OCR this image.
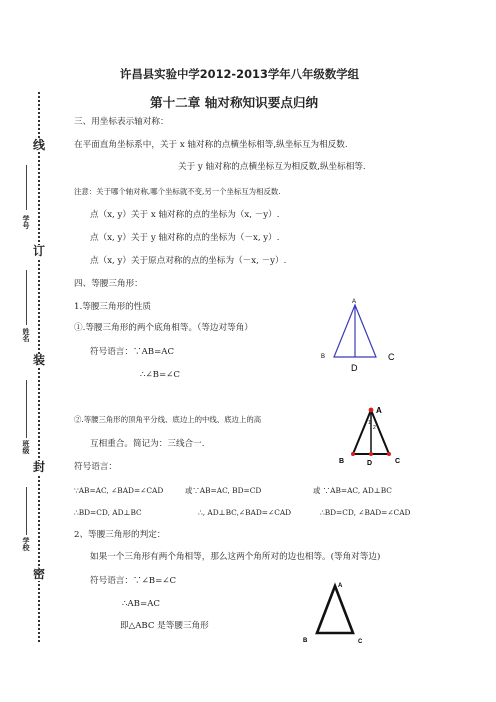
线
订
装
封
密
学号
姓名
班级
学校
许昌县实验中学2012-2013学年八年级数学组
第十二章 轴对称知识要点归纳
三、用坐标表示轴对称：
在平面直角坐标系中，关于 x 轴对称的点横坐标相等,纵坐标互为相反数.
关于 y 轴对称的点横坐标互为相反数,纵坐标相等.
注意：关于哪个轴对称,哪个坐标就不变,另一个坐标互为相反数.
点（x, y）关于 x 轴对称的点的坐标为（x, －y）.
点（x, y）关于 y 轴对称的点的坐标为（－x, y）.
点（x, y）关于原点对称的点的坐标为（－x, －y）.
四、等腰三角形：
1.等腰三角形的性质
①.等腰三角形的两个底角相等。（等边对等角）
符号语言：∵AB=AC
∴∠B=∠C
②.等腰三角形的顶角平分线、底边上的中线、底边上的高
互相重合。简记为：三线合一.
符号语言：
∵AB=AC, ∠BAD=∠CAD	或∵AB=AC, BD=CD	或 ∵AB=AC, AD⊥BC
∴BD=CD, AD⊥BC	∴, AD⊥BC,∠BAD=∠CAD	∴BD=CD, ∠BAD=∠CAD
2、等腰三角形的判定：
如果一个三角形有两个角相等，那么这两个角所对的边也相等。(等角对等边)
符号语言：∵∠B=∠C
∴AB=AC
即△ABC 是等腰三角形
A
B	C
D
A
1
2
B	D	C
A
B	C
